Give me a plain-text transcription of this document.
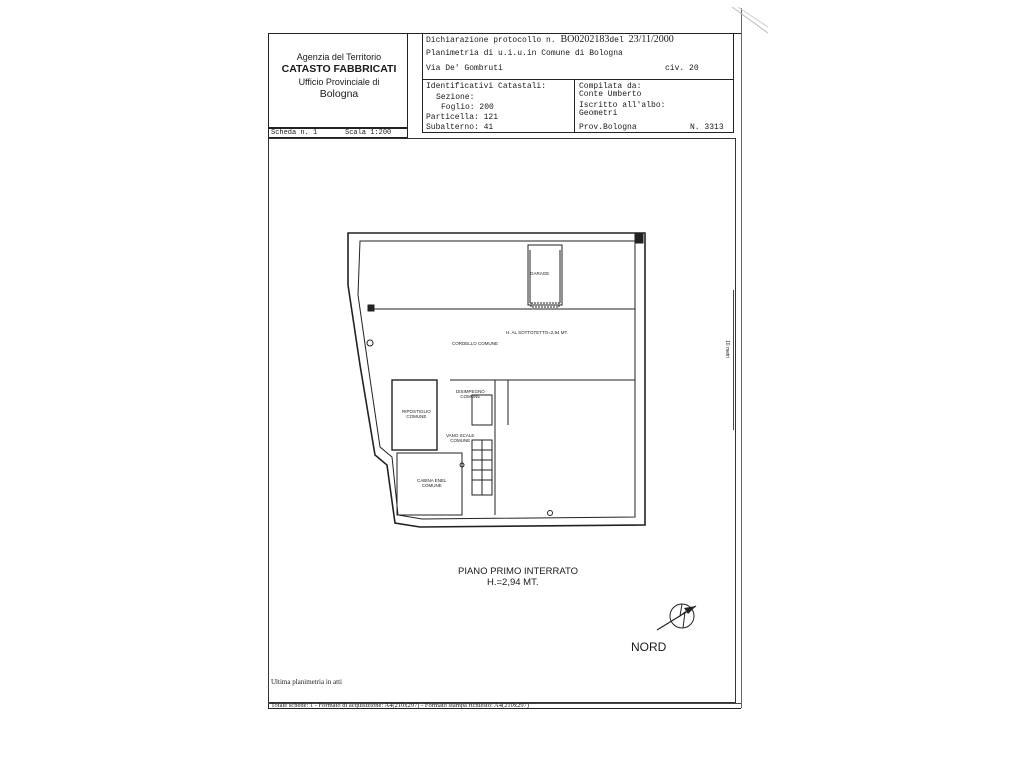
Agenzia del Territorio
CATASTO FABBRICATI
Ufficio Provinciale di
Bologna
Dichiarazione protocollo n. BO0202183del 23/11/2000
Planimetria di u.i.u.in Comune di Bologna
Via De' Gombruti	civ. 20
Identificativi Catastali:
Sezione:
Foglio: 200
Particella: 121
Subalterno: 41
Compilata da:
Conte Umberto
Iscritto all'albo:
Geometri
Prov.Bologna	N. 3313
Scheda n. 1	Scala 1:200
GARAGE
H. AL SOTTOTETTO=2,94 MT.
CORDELLO COMUNE
DISIMPEGNO
COMUNE
RIPOSTIGLIO
COMUNE
VANO SCALE
COMUNE
CABINA ENEL
COMUNE
10 metri
PIANO PRIMO INTERRATO
H.=2,94 MT.
NORD
Ultima planimetria in atti
Totale schede: 1 - Formato di acquisizione: A4(210x297) - Formato stampa richiesto: A4(210x297)
